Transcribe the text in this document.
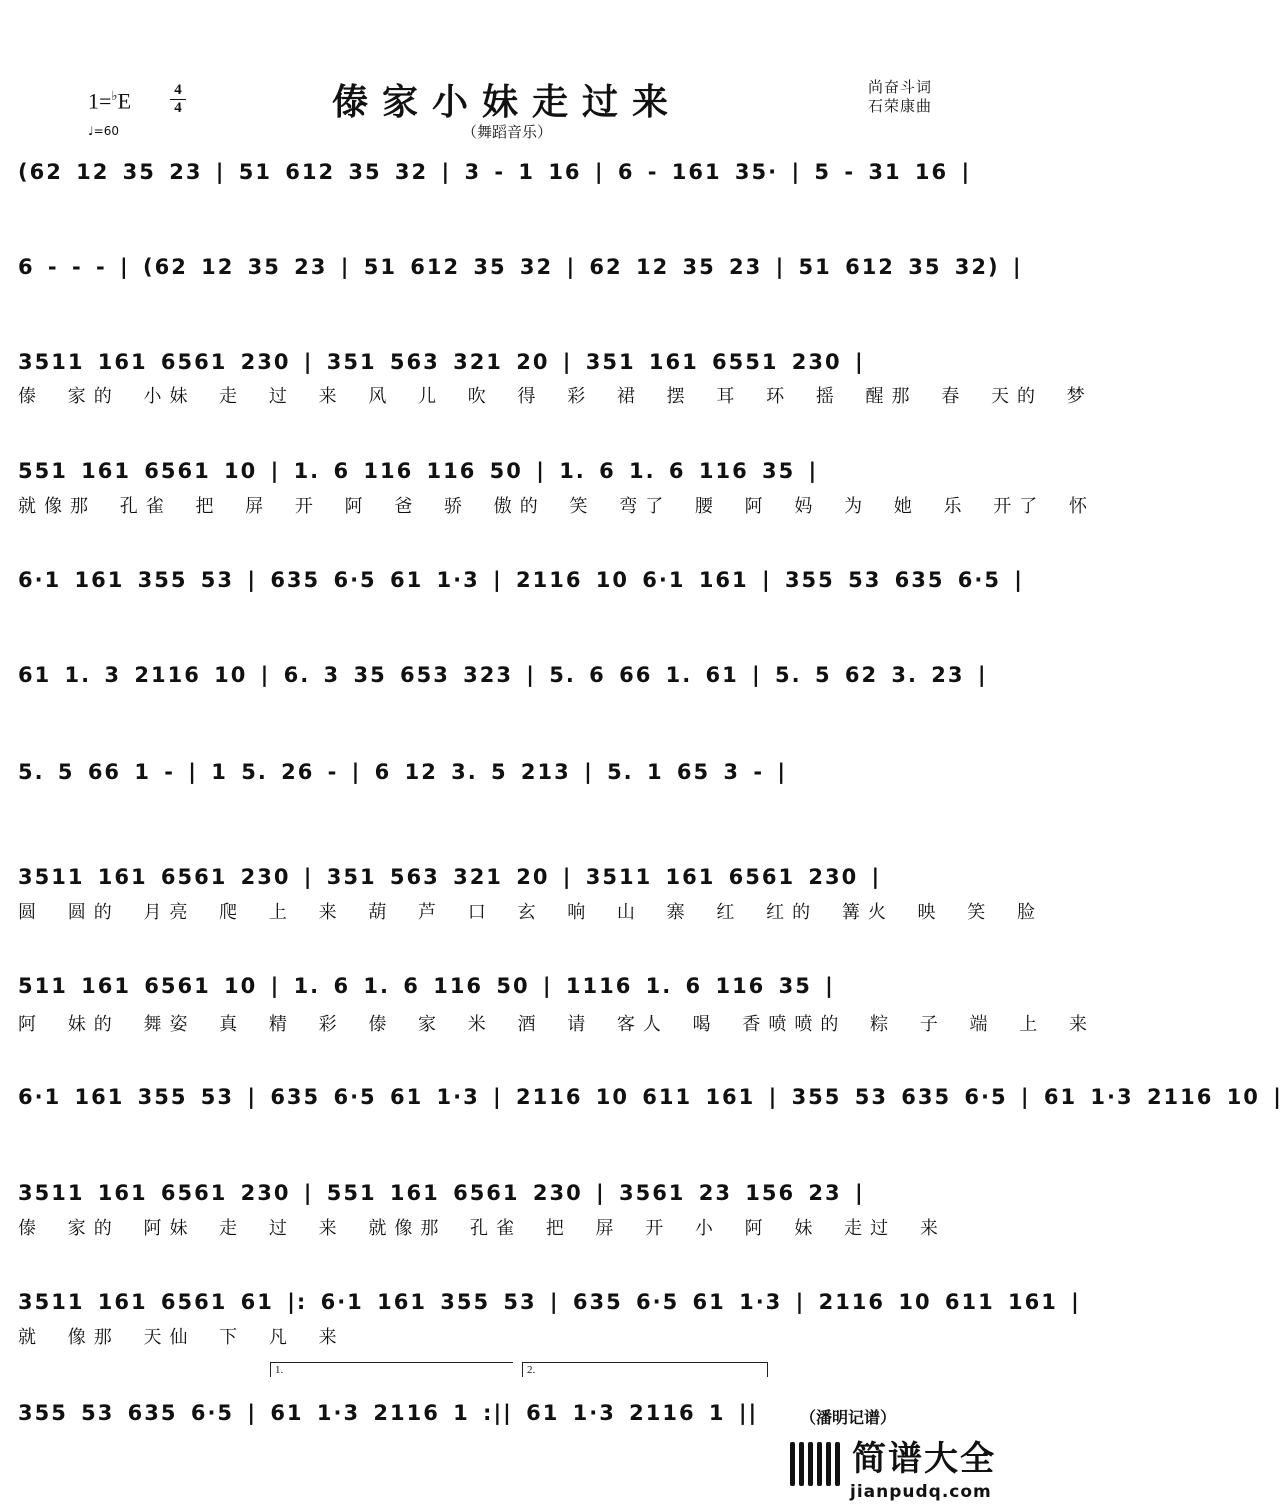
1=♭E	4
4
♩=60
傣家小妹走过来
（舞蹈音乐）
尚奋斗词
石荣康曲
(62 12 35 23 | 51 612 35 32 | 3 - 1 16 | 6 - 161 35· | 5 - 31 16 |
6 - - - | (62 12 35 23 | 51 612 35 32 | 62 12 35 23 | 51 612 35 32) |
3511 161 6561 230 | 351 563 321 20 | 351 161 6551 230 |
傣 家的 小妹 走 过 来 风 儿 吹 得 彩 裙 摆 耳 环 摇 醒那 春 天的 梦
551 161 6561 10 | 1. 6 116 116 50 | 1. 6 1. 6 116 35 |
就像那 孔雀 把 屏 开 阿 爸 骄 傲的 笑 弯了 腰 阿 妈 为 她 乐 开了 怀
6·1 161 355 53 | 635 6·5 61 1·3 | 2116 10 6·1 161 | 355 53 635 6·5 |
61 1. 3 2116 10 | 6. 3 35 653 323 | 5. 6 66 1. 61 | 5. 5 62 3. 23 |
5. 5 66 1 - | 1 5. 26 - | 6 12 3. 5 213 | 5. 1 65 3 - |
3511 161 6561 230 | 351 563 321 20 | 3511 161 6561 230 |
圆 圆的 月亮 爬 上 来 葫 芦 口 玄 响 山 寨 红 红的 篝火 映 笑 脸
511 161 6561 10 | 1. 6 1. 6 116 50 | 1116 1. 6 116 35 |
阿 妹的 舞姿 真 精 彩 傣 家 米 酒 请 客人 喝 香喷喷的 粽 子 端 上 来
6·1 161 355 53 | 635 6·5 61 1·3 | 2116 10 611 161 | 355 53 635 6·5 | 61 1·3 2116 10 |
3511 161 6561 230 | 551 161 6561 230 | 3561 23 156 23 |
傣 家的 阿妹 走 过 来 就像那 孔雀 把 屏 开 小 阿 妹 走过 来
3511 161 6561 61 |: 6·1 161 355 53 | 635 6·5 61 1·3 | 2116 10 611 161 |
就 像那 天仙 下 凡 来
1.	2.
355 53 635 6·5 | 61 1·3 2116 1 :|| 61 1·3 2116 1 ||	（潘明记谱）
简谱大全
jianpudq.com
